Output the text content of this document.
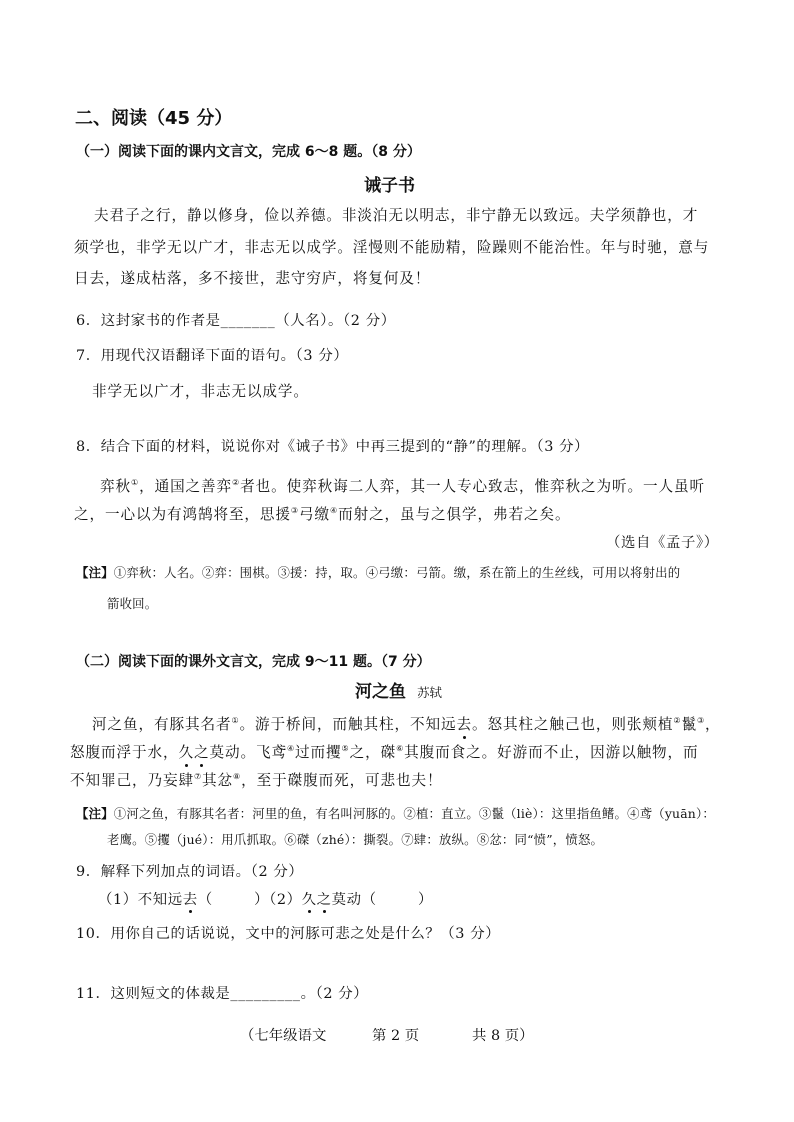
二、阅读（45 分）
（一）阅读下面的课内文言文，完成 6～8 题。（8 分）
诫子书
夫君子之行，静以修身，俭以养德。非淡泊无以明志，非宁静无以致远。夫学须静也，才
须学也，非学无以广才，非志无以成学。淫慢则不能励精，险躁则不能治性。年与时驰，意与
日去，遂成枯落，多不接世，悲守穷庐，将复何及！
6．这封家书的作者是_______（人名）。（2 分）
7．用现代汉语翻译下面的语句。（3 分）
非学无以广才，非志无以成学。
8．结合下面的材料，说说你对《诫子书》中再三提到的“静”的理解。（3 分）
弈秋①，通国之善弈②者也。使弈秋诲二人弈，其一人专心致志，惟弈秋之为听。一人虽听
之，一心以为有鸿鹄将至，思援③弓缴④而射之，虽与之俱学，弗若之矣。
（选自《孟子》）
【注】①弈秋：人名。②弈：围棋。③援：持，取。④弓缴：弓箭。缴，系在箭上的生丝线，可用以将射出的
箭收回。
（二）阅读下面的课外文言文，完成 9～11 题。（7 分）
河之鱼 苏轼
河之鱼，有豚其名者①。游于桥间，而触其柱，不知远去。怒其柱之触己也，则张颊植②鬣③，
怒腹而浮于水，久之莫动。飞鸢④过而攫⑤之，磔⑥其腹而食之。好游而不止，因游以触物，而
不知罪己，乃妄肆⑦其忿⑧，至于磔腹而死，可悲也夫！
【注】①河之鱼，有豚其名者：河里的鱼，有名叫河豚的。②植：直立。③鬣（liè）：这里指鱼鳍。④鸢（yuān）：
老鹰。⑤攫（jué）：用爪抓取。⑥磔（zhé）：撕裂。⑦肆：放纵。⑧忿：同“愤”，愤怒。
9．解释下列加点的词语。（2 分）
（1）不知远去（        ）（2）久之莫动（        ）
10．用你自己的话说说，文中的河豚可悲之处是什么？（3 分）
11．这则短文的体裁是_________。（2 分）
（七年级语文	第 2 页	共 8 页）
